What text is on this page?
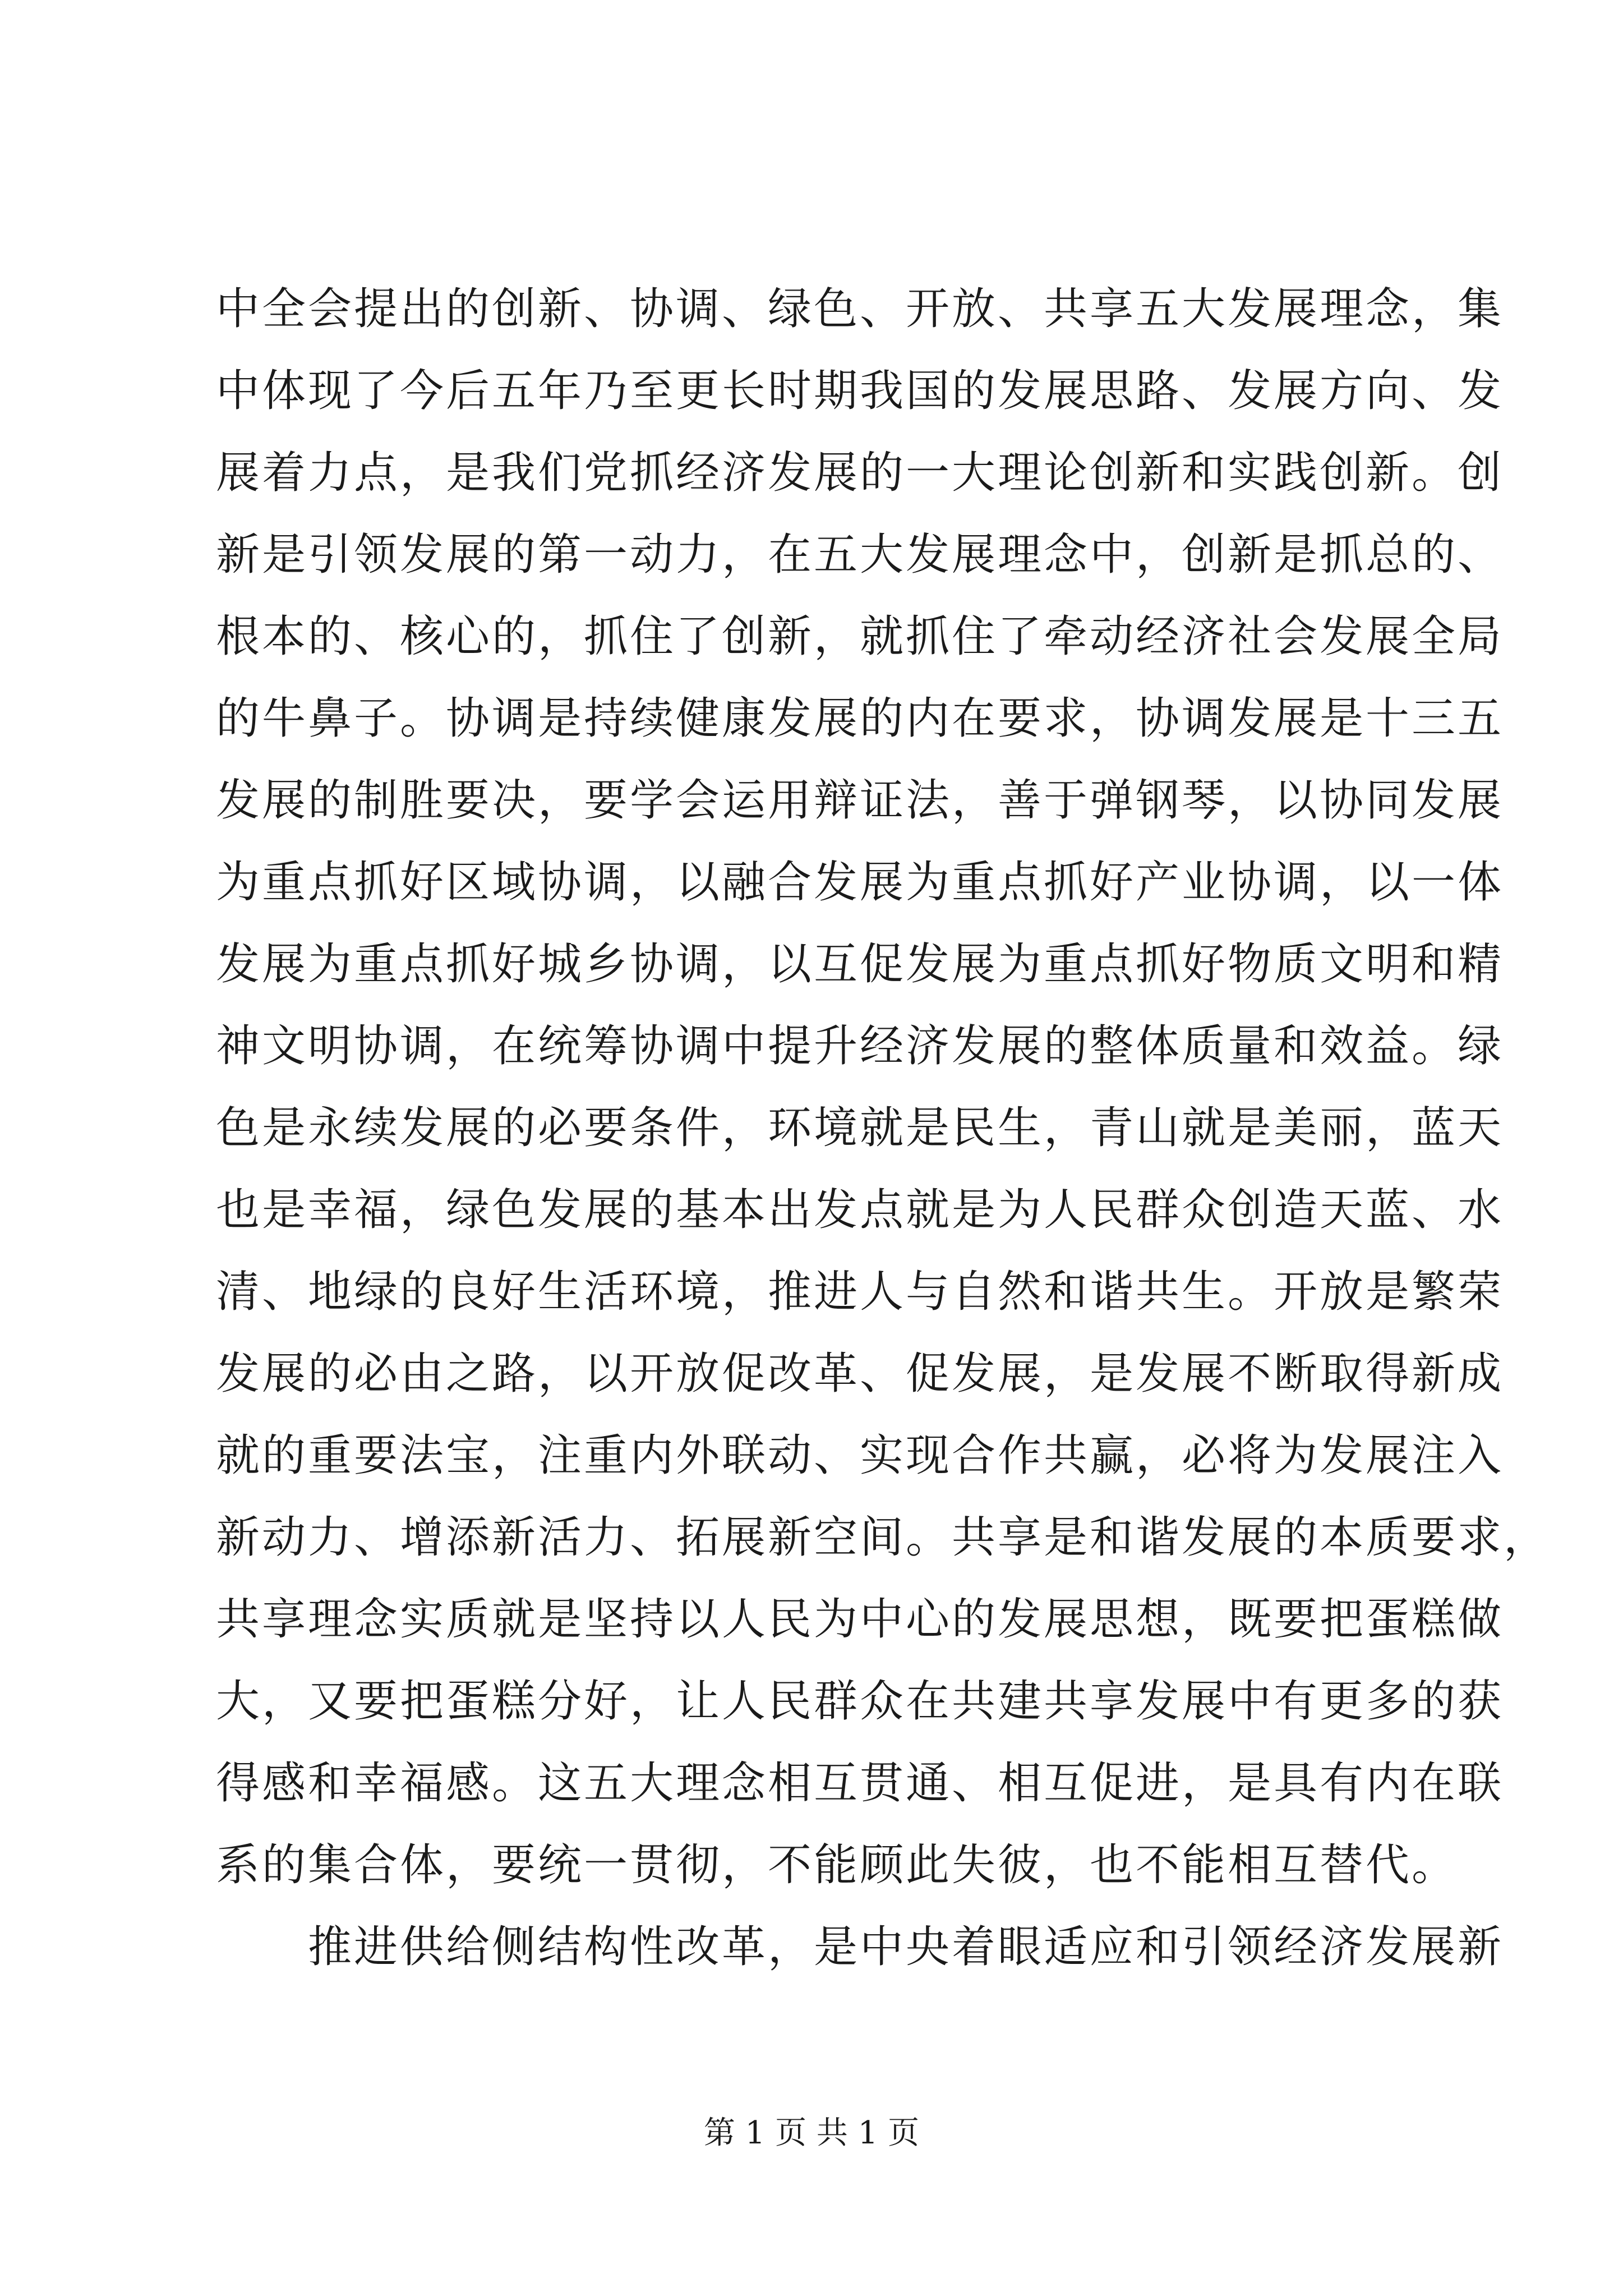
中全会提出的创新、协调、绿色、开放、共享五大发展理念，集
中体现了今后五年乃至更长时期我国的发展思路、发展方向、发
展着力点，是我们党抓经济发展的一大理论创新和实践创新。创
新是引领发展的第一动力，在五大发展理念中，创新是抓总的、
根本的、核心的，抓住了创新，就抓住了牵动经济社会发展全局
的牛鼻子。协调是持续健康发展的内在要求，协调发展是十三五
发展的制胜要决，要学会运用辩证法，善于弹钢琴，以协同发展
为重点抓好区域协调，以融合发展为重点抓好产业协调，以一体
发展为重点抓好城乡协调，以互促发展为重点抓好物质文明和精
神文明协调，在统筹协调中提升经济发展的整体质量和效益。绿
色是永续发展的必要条件，环境就是民生，青山就是美丽，蓝天
也是幸福，绿色发展的基本出发点就是为人民群众创造天蓝、水
清、地绿的良好生活环境，推进人与自然和谐共生。开放是繁荣
发展的必由之路，以开放促改革、促发展，是发展不断取得新成
就的重要法宝，注重内外联动、实现合作共赢，必将为发展注入
新动力、增添新活力、拓展新空间。共享是和谐发展的本质要求，
共享理念实质就是坚持以人民为中心的发展思想，既要把蛋糕做
大，又要把蛋糕分好，让人民群众在共建共享发展中有更多的获
得感和幸福感。这五大理念相互贯通、相互促进，是具有内在联
系的集合体，要统一贯彻，不能顾此失彼，也不能相互替代。

推进供给侧结构性改革，是中央着眼适应和引领经济发展新

第 1 页 共 1 页
